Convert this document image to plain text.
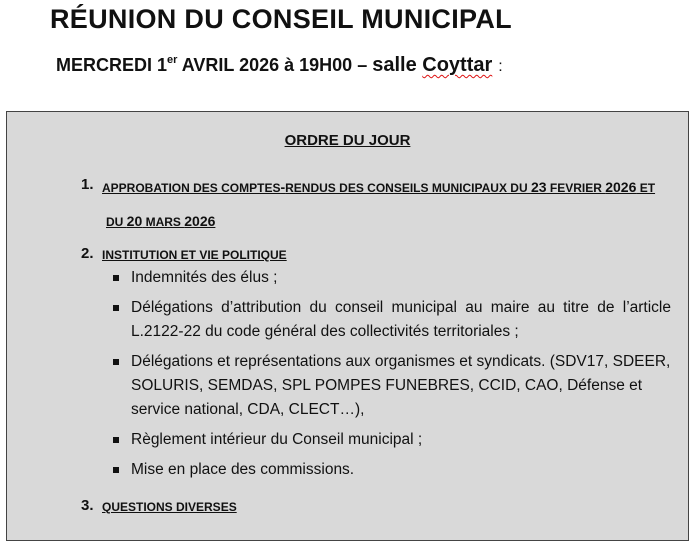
RÉUNION DU CONSEIL MUNICIPAL
MERCREDI 1er AVRIL 2026 à 19H00 – salle Coyttar :
ORDRE DU JOUR
1. APPROBATION DES COMPTES-RENDUS DES CONSEILS MUNICIPAUX DU 23 FEVRIER 2026 ET
DU 20 MARS 2026
2. INSTITUTION ET VIE POLITIQUE
Indemnités des élus ;
Délégations d’attribution du conseil municipal au maire au titre de l’article L.2122-22 du code général des collectivités territoriales ;
Délégations et représentations aux organismes et syndicats. (SDV17, SDEER, SOLURIS, SEMDAS, SPL POMPES FUNEBRES, CCID, CAO, Défense et service national, CDA, CLECT…),
Règlement intérieur du Conseil municipal ;
Mise en place des commissions.
3. QUESTIONS DIVERSES
